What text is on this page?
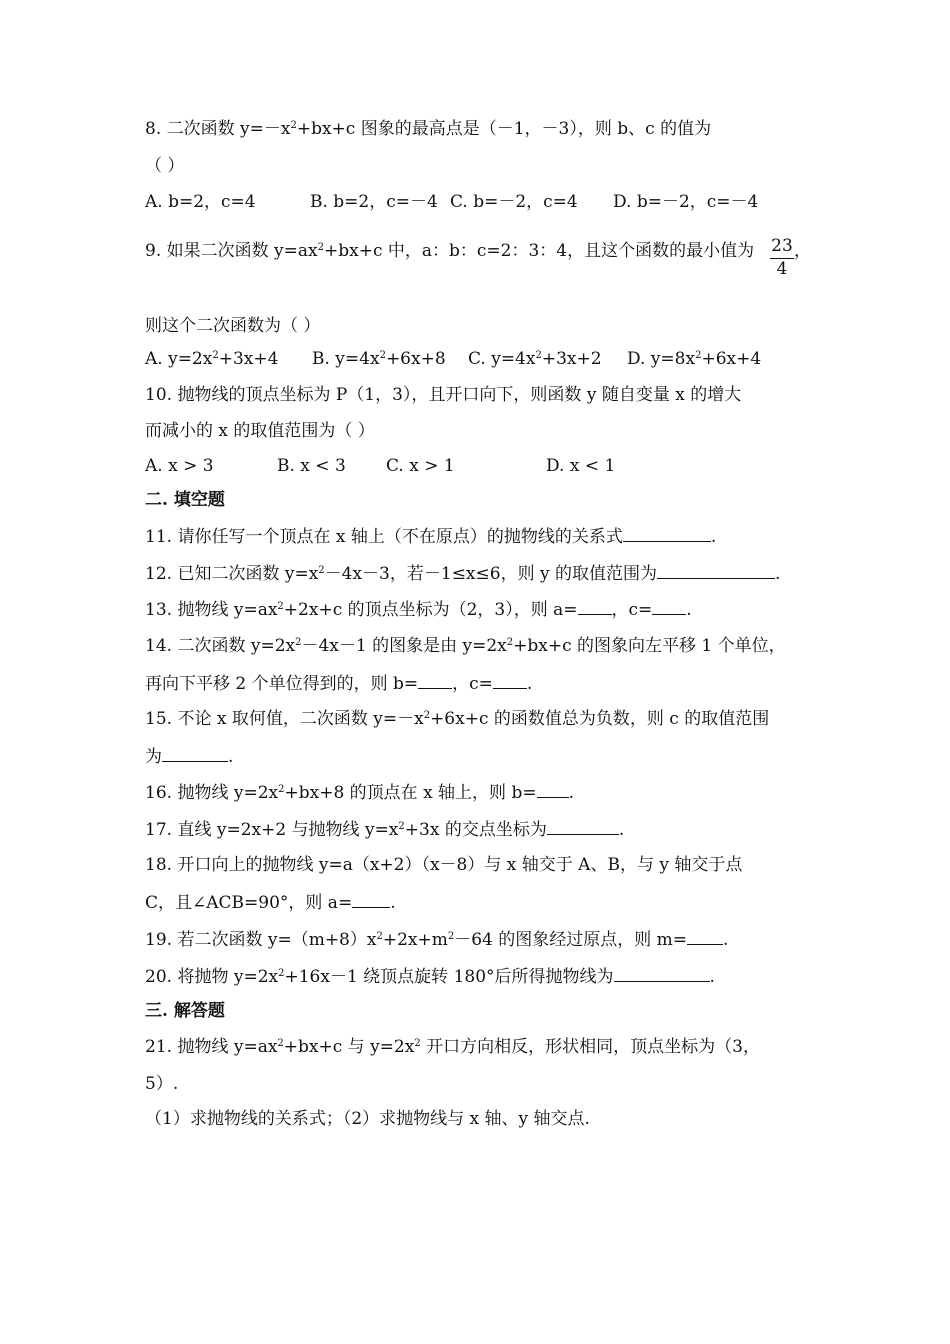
8. 二次函数 $y=-x^2+bx+c$ 图象的最高点是（－1，－3），则 b、c 的值为
（ ）
A. b=2，c=4	B. b=2，c=－4 C. b=－2，c=4 D. b=－2，c=－4
9. 如果二次函数 $y=ax^2+bx+c$ 中，a：b：c=2：3：4，且这个函数的最小值为 23
4
，
则这个二次函数为（ ）
A. $y=2x^2+3x+4$ B. $y=4x^2+6x+8$ C. $y=4x^2+3x+2$ D. $y=8x^2+6x+4$
10. 抛物线的顶点坐标为 P（1，3），且开口向下，则函数 y 随自变量 x 的增大
而减小的 x 的取值范围为（ ）
A. x > 3	B. x < 3 C. x > 1	D. x < 1
二. 填空题
11. 请你任写一个顶点在 x 轴上（不在原点）的抛物线的关系式	.
12. 已知二次函数 $y=x^2-4x-3$，若－1≤x≤6，则 y 的取值范围为	.
13. 抛物线 $y=ax^2+2x+c$ 的顶点坐标为（2，3），则 a= ，c= .
14. 二次函数 $y=2x^2-4x-1$ 的图象是由 $y=2x^2+bx+c$ 的图象向左平移 1 个单位，
再向下平移 2 个单位得到的，则 b= ，c= .
15. 不论 x 取何值，二次函数 $y=-x^2+6x+c$ 的函数值总为负数，则 c 的取值范围
为	.
16. 抛物线 $y=2x^2+bx+8$ 的顶点在 x 轴上，则 b= .
17. 直线 y=2x+2 与抛物线 $y=x^2+3x$ 的交点坐标为	.
18. 开口向上的抛物线 y=a（x+2）（x－8）与 x 轴交于 A、B，与 y 轴交于点
C，且∠ACB=90°，则 a= .
19. 若二次函数 $y=(m+8)x^2+2x+m^2-64$ 的图象经过原点，则 m= .
20. 将抛物 $y=2x^2+16x-1$ 绕顶点旋转 180°后所得抛物线为	.
三. 解答题
21. 抛物线 $y=ax^2+bx+c$ 与 $y=2x^2$ 开口方向相反，形状相同，顶点坐标为（3，
5）.
（1）求抛物线的关系式；（2）求抛物线与 x 轴、y 轴交点.
